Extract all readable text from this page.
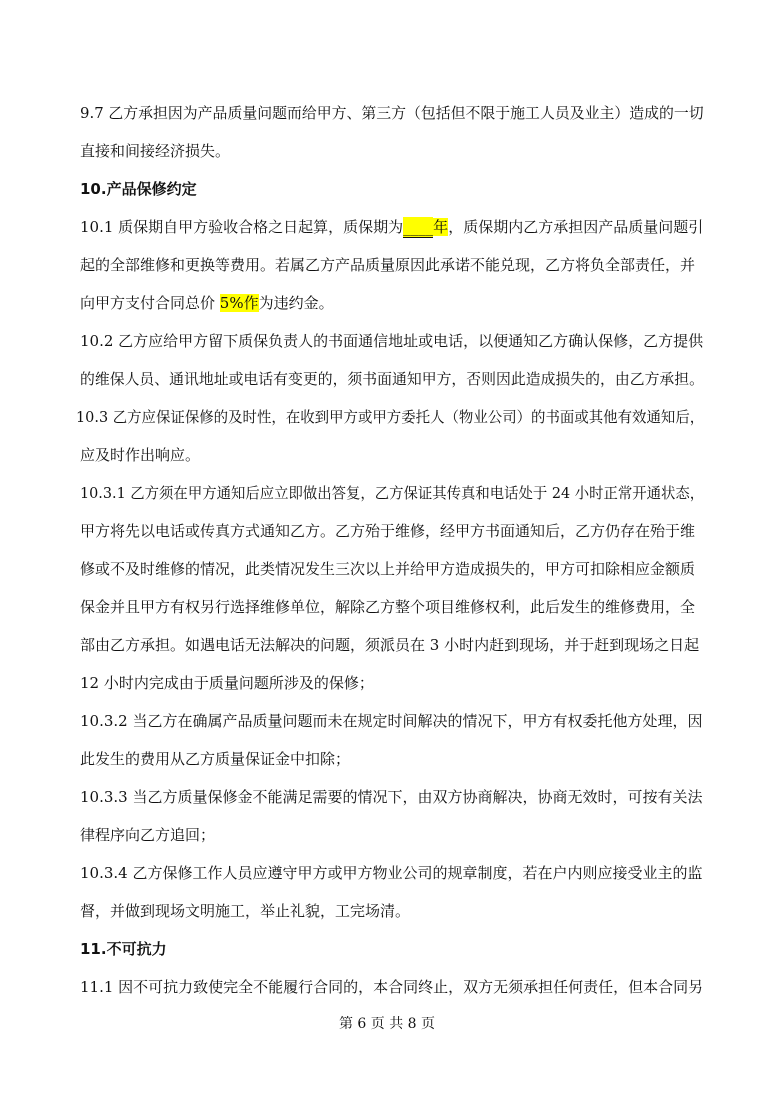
9.7 乙方承担因为产品质量问题而给甲方、第三方（包括但不限于施工人员及业主）造成的一切
直接和间接经济损失。
10.产品保修约定
10.1 质保期自甲方验收合格之日起算，质保期为____年，质保期内乙方承担因产品质量问题引
起的全部维修和更换等费用。若属乙方产品质量原因此承诺不能兑现，乙方将负全部责任，并
向甲方支付合同总价 5%作为违约金。
10.2 乙方应给甲方留下质保负责人的书面通信地址或电话，以便通知乙方确认保修，乙方提供
的维保人员、通讯地址或电话有变更的，须书面通知甲方，否则因此造成损失的，由乙方承担。
10.3 乙方应保证保修的及时性，在收到甲方或甲方委托人（物业公司）的书面或其他有效通知后，
应及时作出响应。
10.3.1 乙方须在甲方通知后应立即做出答复，乙方保证其传真和电话处于 24 小时正常开通状态，
甲方将先以电话或传真方式通知乙方。乙方殆于维修，经甲方书面通知后，乙方仍存在殆于维
修或不及时维修的情况，此类情况发生三次以上并给甲方造成损失的，甲方可扣除相应金额质
保金并且甲方有权另行选择维修单位，解除乙方整个项目维修权利，此后发生的维修费用，全
部由乙方承担。如遇电话无法解决的问题，须派员在 3 小时内赶到现场，并于赶到现场之日起
12 小时内完成由于质量问题所涉及的保修；
10.3.2 当乙方在确属产品质量问题而未在规定时间解决的情况下，甲方有权委托他方处理，因
此发生的费用从乙方质量保证金中扣除；
10.3.3 当乙方质量保修金不能满足需要的情况下，由双方协商解决，协商无效时，可按有关法
律程序向乙方追回；
10.3.4 乙方保修工作人员应遵守甲方或甲方物业公司的规章制度，若在户内则应接受业主的监
督，并做到现场文明施工，举止礼貌，工完场清。
11.不可抗力
11.1 因不可抗力致使完全不能履行合同的，本合同终止，双方无须承担任何责任，但本合同另
第 6 页 共 8 页
